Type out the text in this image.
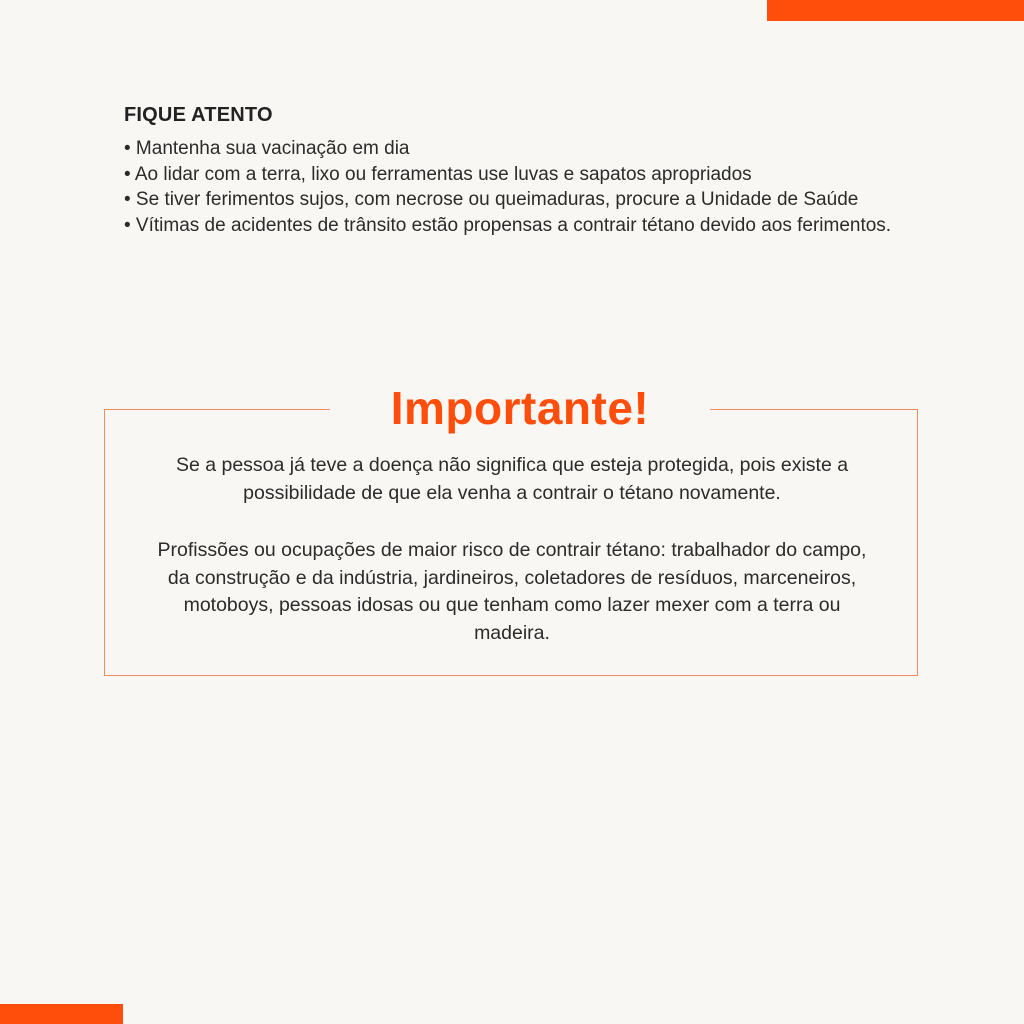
FIQUE ATENTO
• Mantenha sua vacinação em dia
• Ao lidar com a terra, lixo ou ferramentas use luvas e sapatos apropriados
• Se tiver ferimentos sujos, com necrose ou queimaduras, procure a Unidade de Saúde
• Vítimas de acidentes de trânsito estão propensas a contrair tétano devido aos ferimentos.
Importante!

Se a pessoa já teve a doença não significa que esteja protegida, pois existe a possibilidade de que ela venha a contrair o tétano novamente.

Profissões ou ocupações de maior risco de contrair tétano: trabalhador do campo, da construção e da indústria, jardineiros, coletadores de resíduos, marceneiros, motoboys, pessoas idosas ou que tenham como lazer mexer com a terra ou madeira.
